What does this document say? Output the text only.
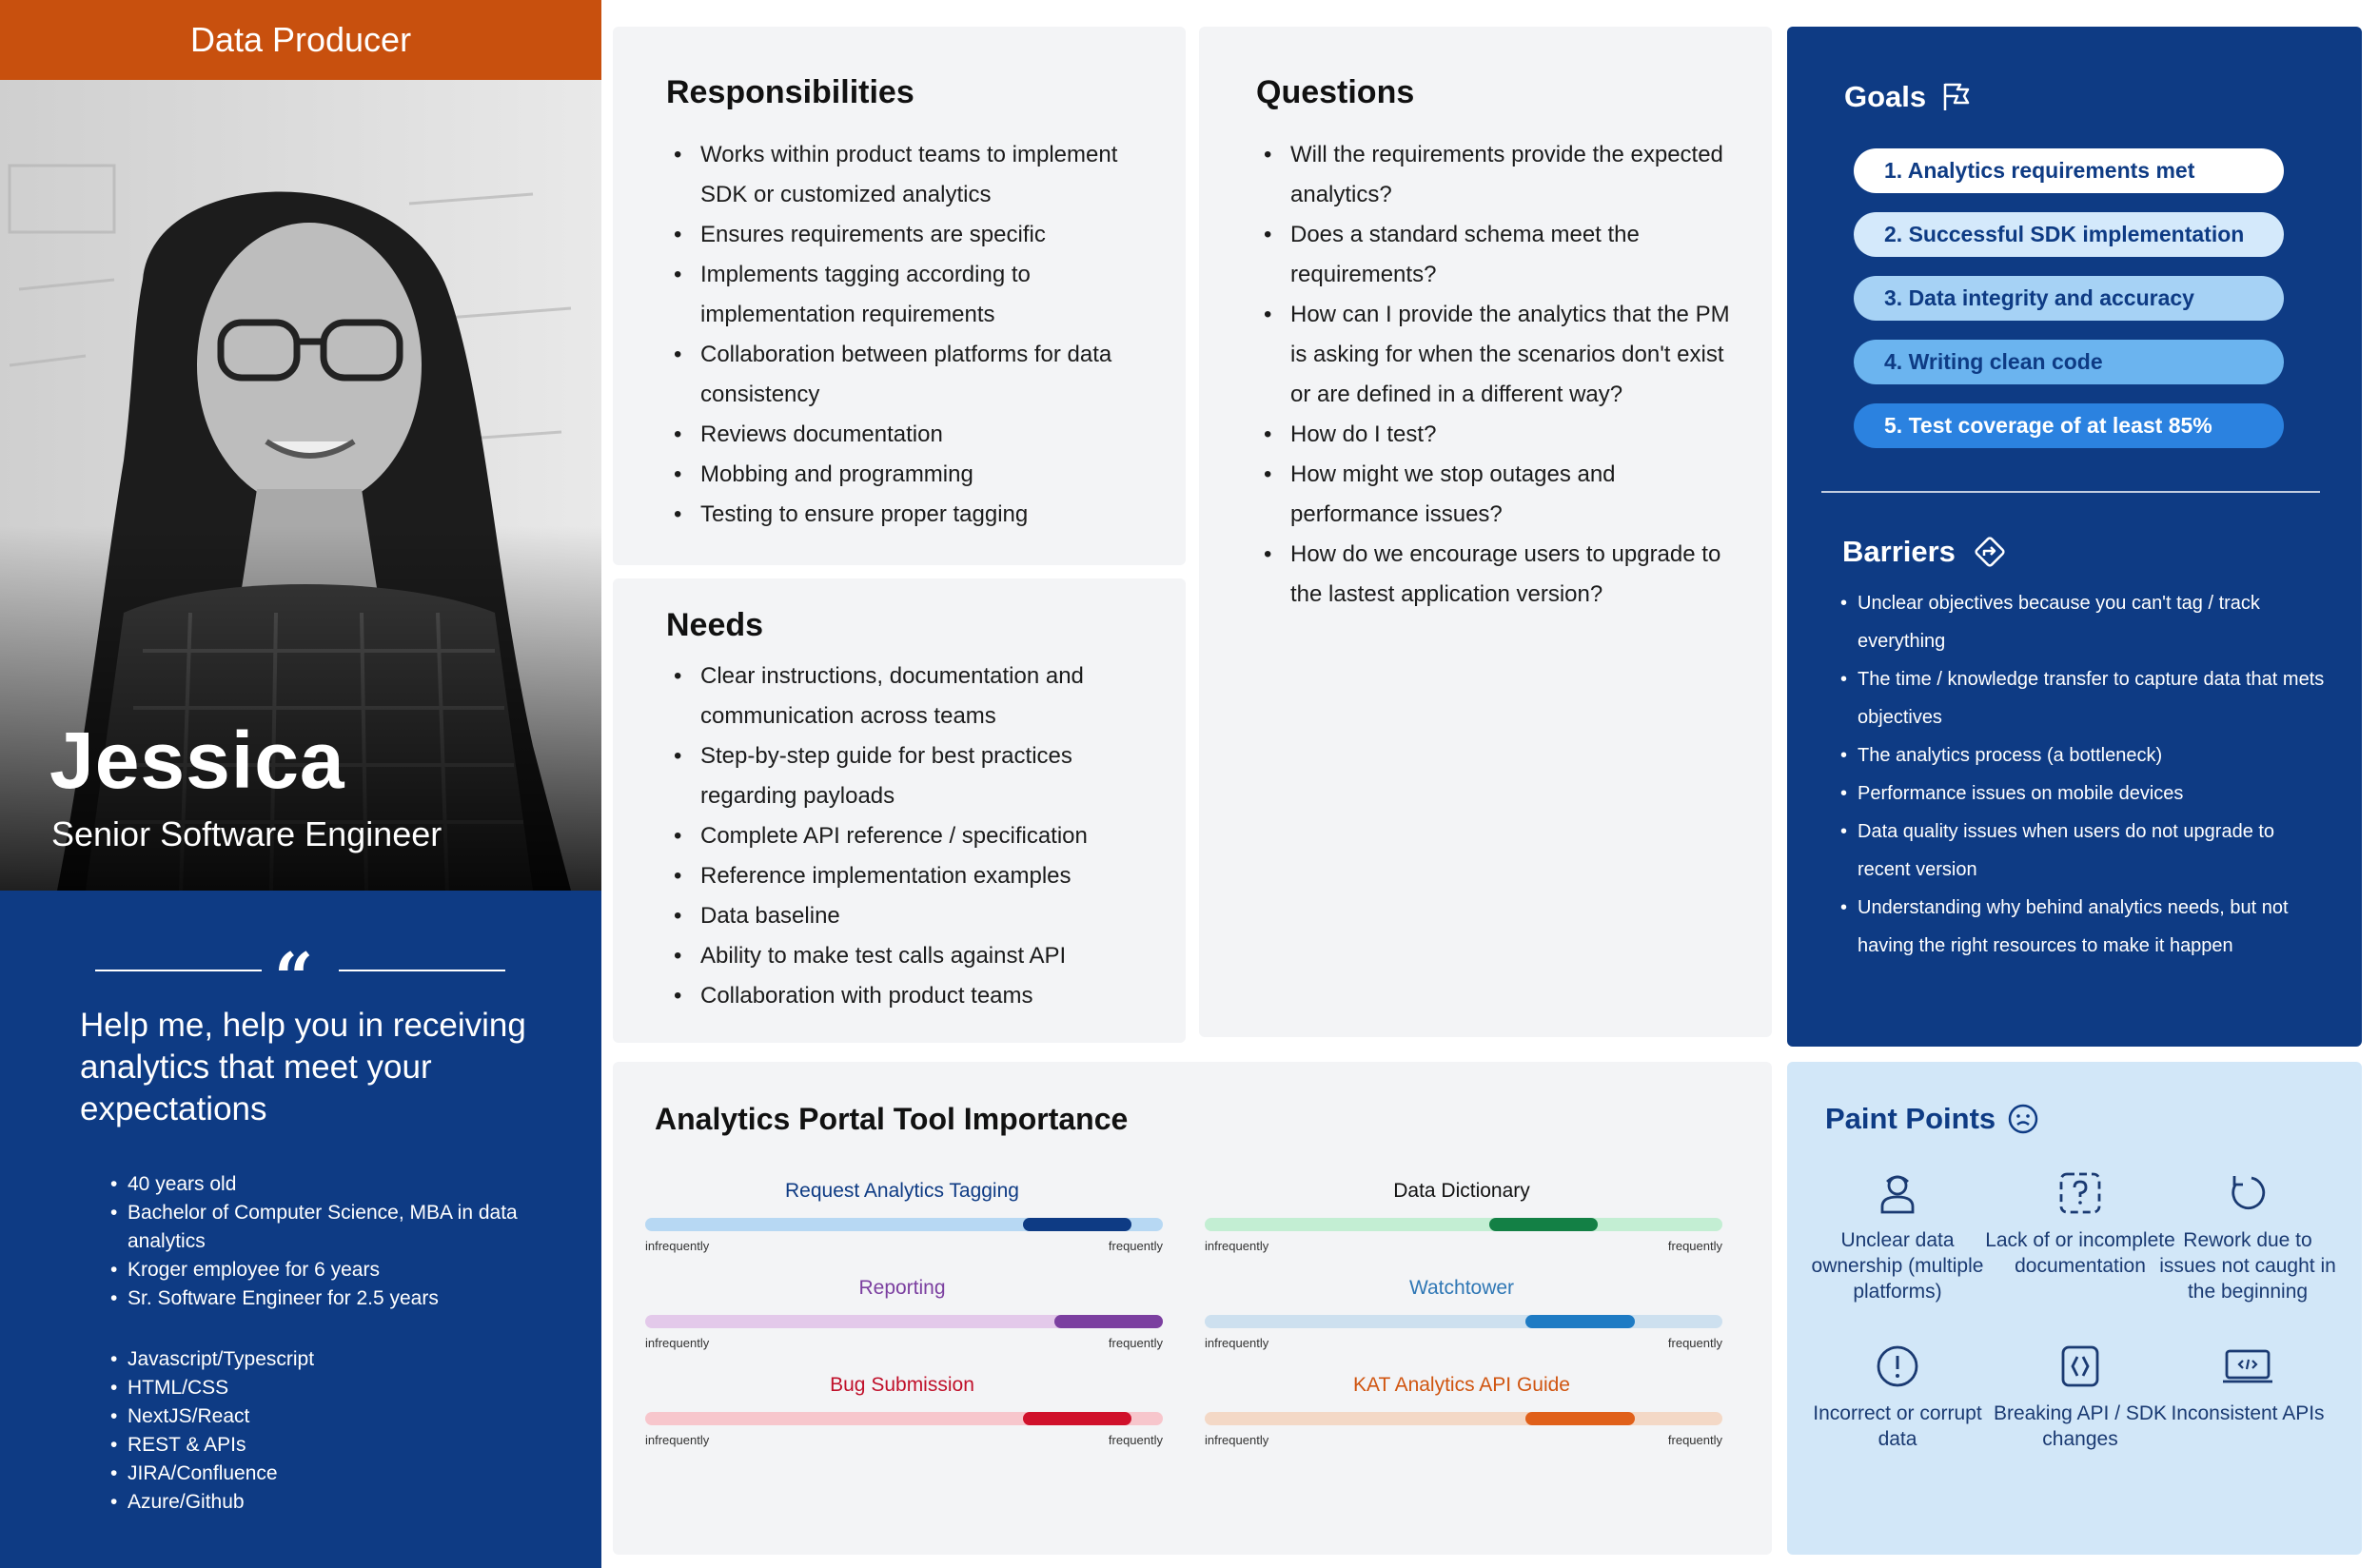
Data Producer
Jessica
Senior Software Engineer
“
Help me, help you in receiving analytics that meet your expectations
• 40 years old
• Bachelor of Computer Science, MBA in data analytics
• Kroger employee for 6 years
• Sr. Software Engineer for 2.5 years
• Javascript/Typescript
• HTML/CSS
• NextJS/React
• REST & APIs
• JIRA/Confluence
• Azure/Github
Responsibilities
• Works within product teams to implement SDK or customized analytics
• Ensures requirements are specific
• Implements tagging according to implementation requirements
• Collaboration between platforms for data consistency
• Reviews documentation
• Mobbing and programming
• Testing to ensure proper tagging
Needs
• Clear instructions, documentation and communication across teams
• Step-by-step guide for best practices regarding payloads
• Complete API reference / specification
• Reference implementation examples
• Data baseline
• Ability to make test calls against API
• Collaboration with product teams
Questions
• Will the requirements provide the expected analytics?
• Does a standard schema meet the requirements?
• How can I provide the analytics that the PM is asking for when the scenarios don't exist or are defined in a different way?
• How do I test?
• How might we stop outages and performance issues?
• How do we encourage users to upgrade to the lastest application version?
Goals
1. Analytics requirements met
2. Successful SDK implementation
3. Data integrity and accuracy
4. Writing clean code
5. Test coverage of at least 85%
Barriers
• Unclear objectives because you can't tag / track everything
• The time / knowledge transfer to capture data that mets objectives
• The analytics process (a bottleneck)
• Performance issues on mobile devices
• Data quality issues when users do not upgrade to recent version
• Understanding why behind analytics needs, but not having the right resources to make it happen
Analytics Portal Tool Importance
Request Analytics Tagging
infrequently	frequently
Data Dictionary
infrequently	frequently
Reporting
infrequently	frequently
Watchtower
infrequently	frequently
Bug Submission
infrequently	frequently
KAT Analytics API Guide
infrequently	frequently
Paint Points
Unclear data ownership (multiple platforms)
Lack of or incomplete documentation
Rework due to issues not caught in the beginning
Incorrect or corrupt data
Breaking API / SDK changes
Inconsistent APIs
